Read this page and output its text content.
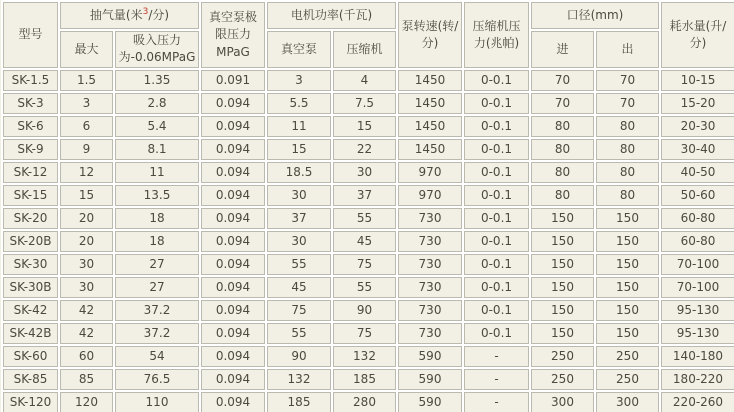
型号	抽气量(米$^3$/分)		真空泵极限压力MPaG	电机功率(千瓦)		泵转速(转/分)	压缩机压力(兆帕)	口径(mm)		耗水量(升/分)
	最大	吸入压力为-0.06MPaG		真空泵	压缩机			进	出	
SK-1.5	1.5	1.35	0.091	3	4	1450	0-0.1	70	70	10-15
SK-3	3	2.8	0.094	5.5	7.5	1450	0-0.1	70	70	15-20
SK-6	6	5.4	0.094	11	15	1450	0-0.1	80	80	20-30
SK-9	9	8.1	0.094	15	22	1450	0-0.1	80	80	30-40
SK-12	12	11	0.094	18.5	30	970	0-0.1	80	80	40-50
SK-15	15	13.5	0.094	30	37	970	0-0.1	80	80	50-60
SK-20	20	18	0.094	37	55	730	0-0.1	150	150	60-80
SK-20B	20	18	0.094	30	45	730	0-0.1	150	150	60-80
SK-30	30	27	0.094	55	75	730	0-0.1	150	150	70-100
SK-30B	30	27	0.094	45	55	730	0-0.1	150	150	70-100
SK-42	42	37.2	0.094	75	90	730	0-0.1	150	150	95-130
SK-42B	42	37.2	0.094	55	75	730	0-0.1	150	150	95-130
SK-60	60	54	0.094	90	132	590	-	250	250	140-180
SK-85	85	76.5	0.094	132	185	590	-	250	250	180-220
SK-120	120	110	0.094	185	280	590	-	300	300	220-260
